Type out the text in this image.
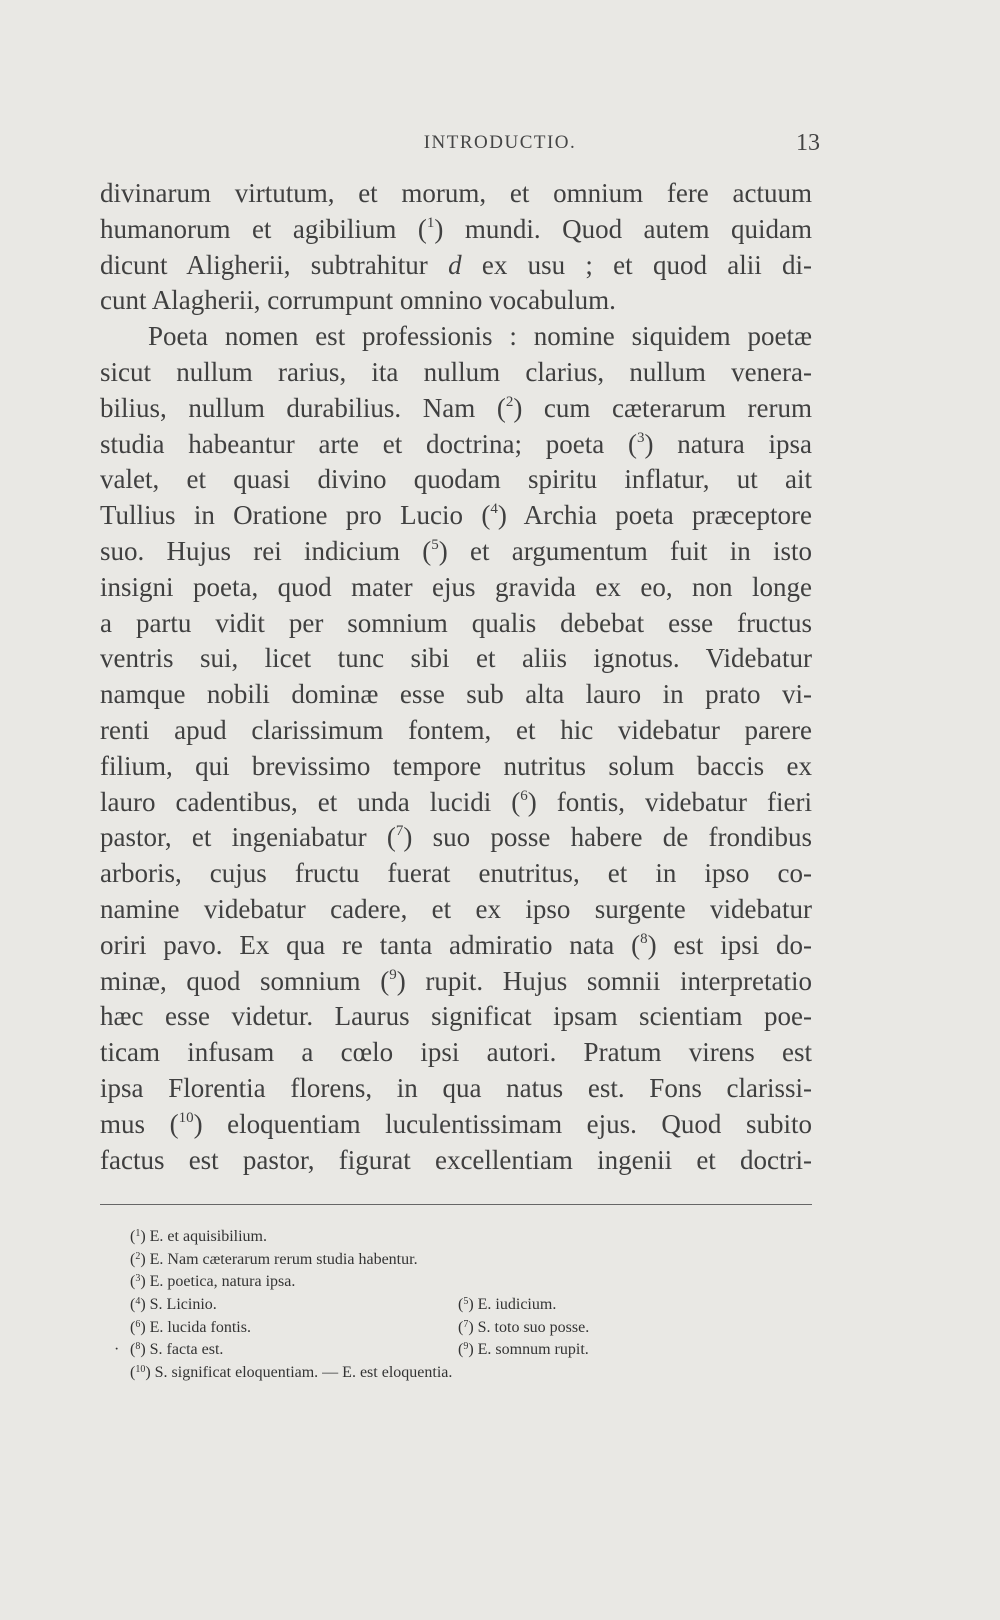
INTRODUCTIO.	13
divinarum virtutum, et morum, et omnium fere actuum
humanorum et agibilium ($^1$) mundi. Quod autem quidam
dicunt Aligherii, subtrahitur d ex usu ; et quod alii di-
cunt Alagherii, corrumpunt omnino vocabulum.
Poeta nomen est professionis : nomine siquidem poetæ
sicut nullum rarius, ita nullum clarius, nullum venera-
bilius, nullum durabilius. Nam ($^2$) cum cæterarum rerum
studia habeantur arte et doctrina; poeta ($^3$) natura ipsa
valet, et quasi divino quodam spiritu inflatur, ut ait
Tullius in Oratione pro Lucio ($^4$) Archia poeta præceptore
suo. Hujus rei indicium ($^5$) et argumentum fuit in isto
insigni poeta, quod mater ejus gravida ex eo, non longe
a partu vidit per somnium qualis debebat esse fructus
ventris sui, licet tunc sibi et aliis ignotus. Videbatur
namque nobili dominæ esse sub alta lauro in prato vi-
renti apud clarissimum fontem, et hic videbatur parere
filium, qui brevissimo tempore nutritus solum baccis ex
lauro cadentibus, et unda lucidi ($^6$) fontis, videbatur fieri
pastor, et ingeniabatur ($^7$) suo posse habere de frondibus
arboris, cujus fructu fuerat enutritus, et in ipso co-
namine videbatur cadere, et ex ipso surgente videbatur
oriri pavo. Ex qua re tanta admiratio nata ($^8$) est ipsi do-
minæ, quod somnium ($^9$) rupit. Hujus somnii interpretatio
hæc esse videtur. Laurus significat ipsam scientiam poe-
ticam infusam a cœlo ipsi autori. Pratum virens est
ipsa Florentia florens, in qua natus est. Fons clarissi-
mus ($^{10}$) eloquentiam luculentissimam ejus. Quod subito
factus est pastor, figurat excellentiam ingenii et doctri-
($^1$) E. et aquisibilium.
($^2$) E. Nam cæterarum rerum studia habentur.
($^3$) E. poetica, natura ipsa.
($^4$) S. Licinio.	($^5$) E. iudicium.
($^6$) E. lucida fontis.	($^7$) S. toto suo posse.
· ($^8$) S. facta est.	($^9$) E. somnum rupit.
($^{10}$) S. significat eloquentiam. — E. est eloquentia.
